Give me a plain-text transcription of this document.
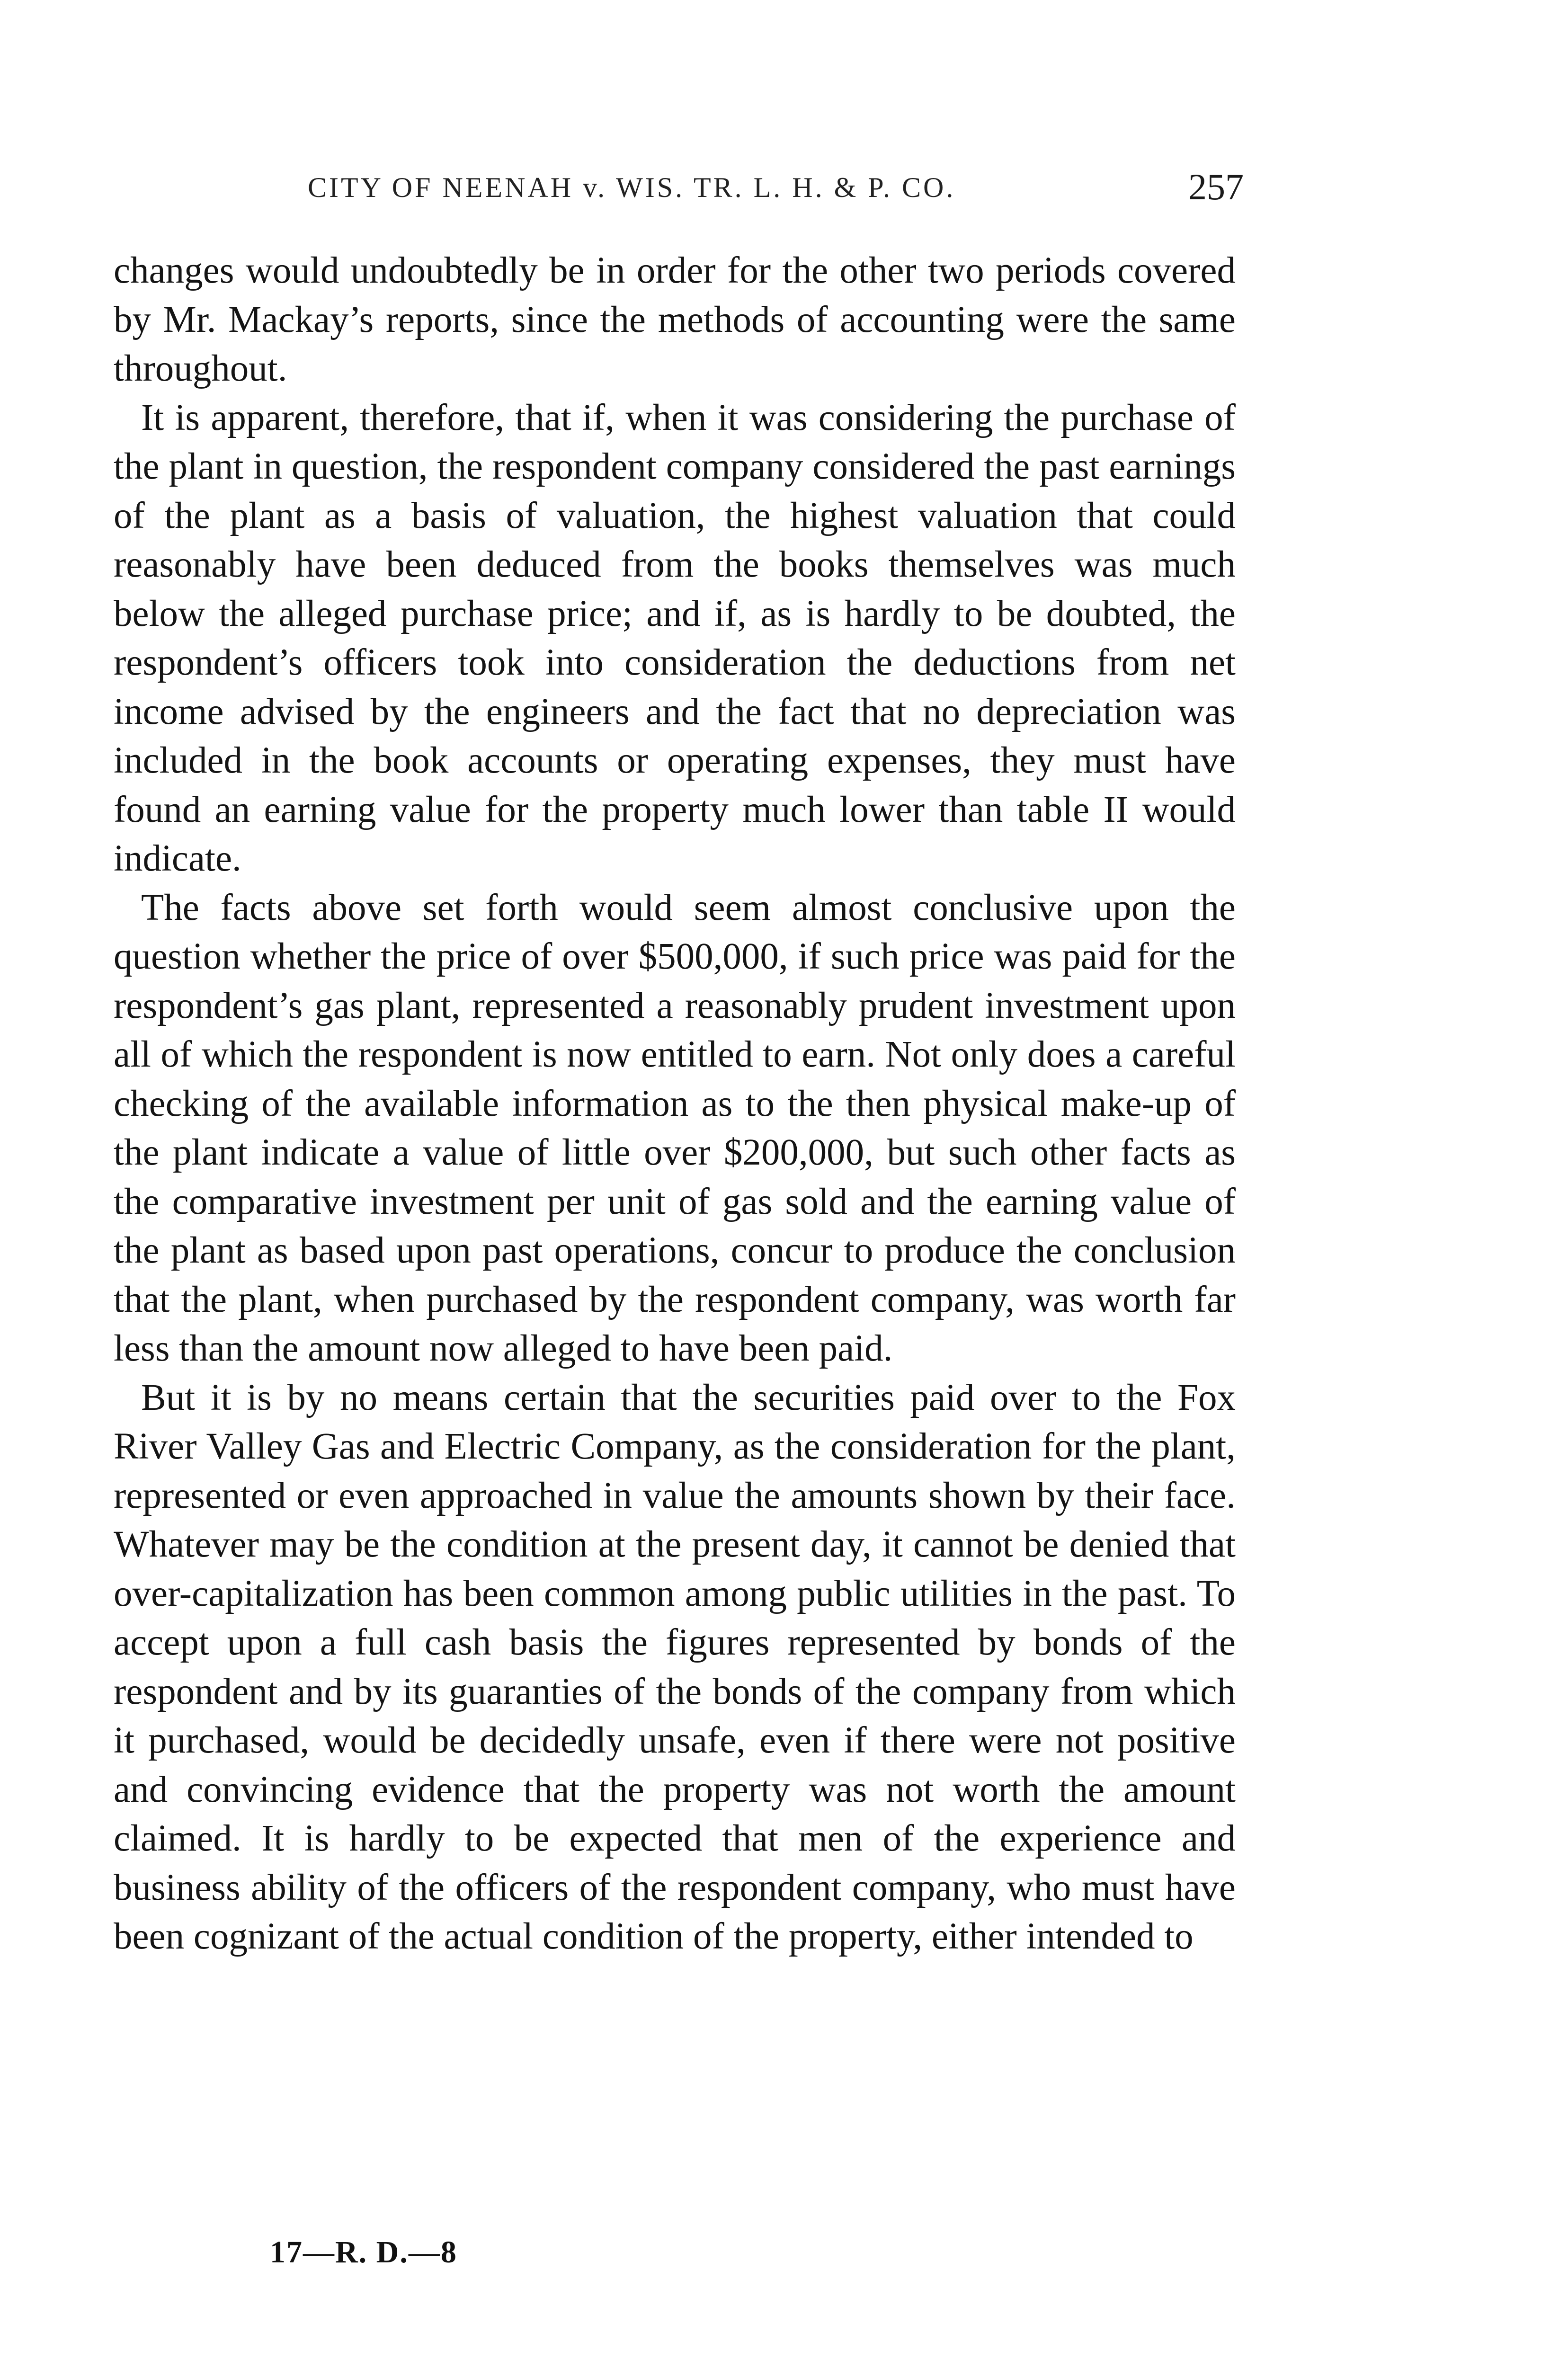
CITY OF NEENAH v. WIS. TR. L. H. & P. CO.	257

changes would undoubtedly be in order for the other two periods covered by Mr. Mackay’s reports, since the methods of accounting were the same throughout.

It is apparent, therefore, that if, when it was considering the purchase of the plant in question, the respondent company considered the past earnings of the plant as a basis of valuation, the highest valuation that could reasonably have been deduced from the books themselves was much below the alleged purchase price; and if, as is hardly to be doubted, the respondent’s officers took into consideration the deductions from net income advised by the engineers and the fact that no depreciation was included in the book accounts or operating expenses, they must have found an earning value for the property much lower than table II would indicate.

The facts above set forth would seem almost conclusive upon the question whether the price of over $500,000, if such price was paid for the respondent’s gas plant, represented a reasonably prudent investment upon all of which the respondent is now entitled to earn. Not only does a careful checking of the available information as to the then physical make-up of the plant indicate a value of little over $200,000, but such other facts as the comparative investment per unit of gas sold and the earning value of the plant as based upon past operations, concur to produce the conclusion that the plant, when purchased by the respondent company, was worth far less than the amount now alleged to have been paid.

But it is by no means certain that the securities paid over to the Fox River Valley Gas and Electric Company, as the consideration for the plant, represented or even approached in value the amounts shown by their face. Whatever may be the condition at the present day, it cannot be denied that over-capitalization has been common among public utilities in the past. To accept upon a full cash basis the figures represented by bonds of the respondent and by its guaranties of the bonds of the company from which it purchased, would be decidedly unsafe, even if there were not positive and convincing evidence that the property was not worth the amount claimed. It is hardly to be expected that men of the experience and business ability of the officers of the respondent company, who must have been cognizant of the actual condition of the property, either intended to

17—R. D.—8
